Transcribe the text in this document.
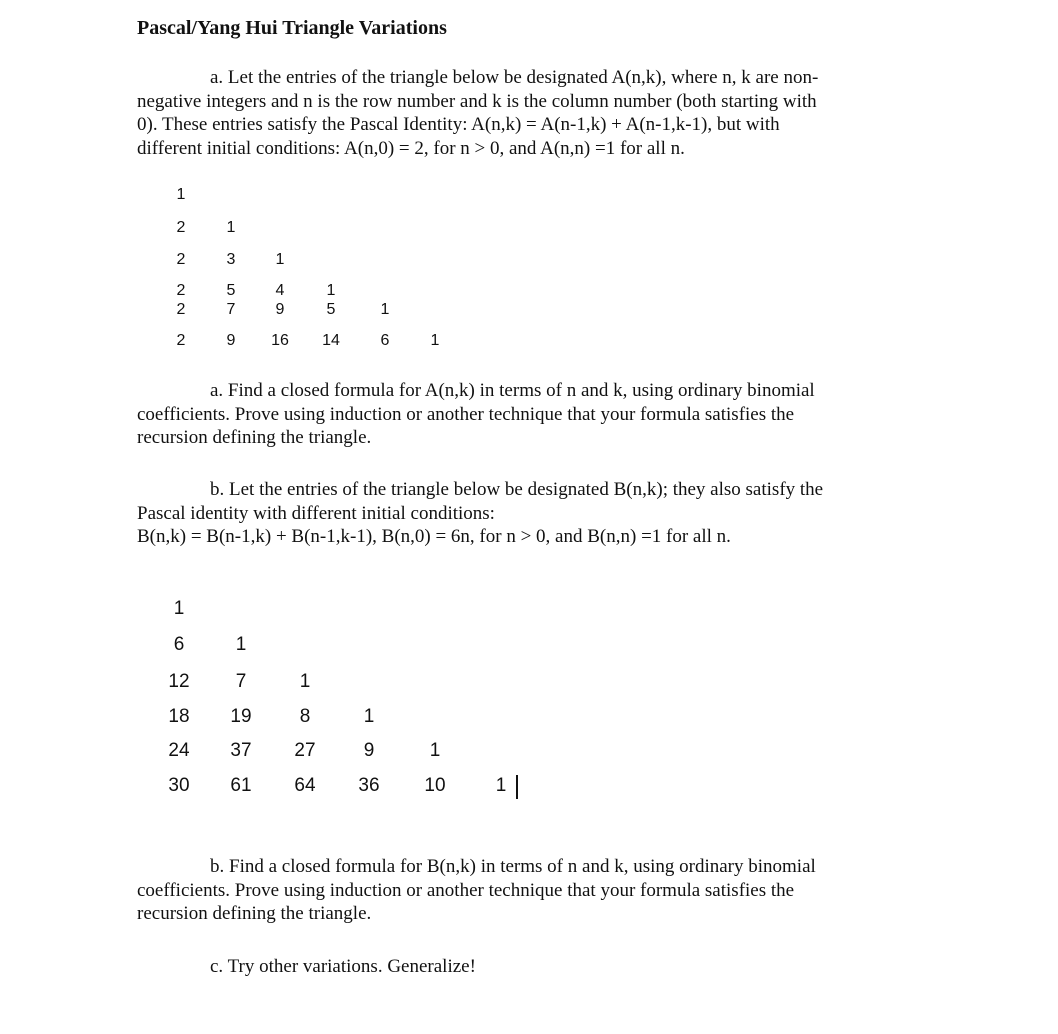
Pascal/Yang Hui Triangle Variations
a. Let the entries of the triangle below be designated A(n,k), where n, k are non-
negative integers and n is the row number and k is the column number (both starting with
0). These entries satisfy the Pascal Identity: A(n,k) = A(n-1,k) + A(n-1,k-1), but with
different initial conditions: A(n,0) = 2, for n > 0, and A(n,n) =1 for all n.
1
2	1
2	3	1
2	5	4	1
2	7	9	5	1
2	9 16 14	6	1
a. Find a closed formula for A(n,k) in terms of n and k, using ordinary binomial
coefficients. Prove using induction or another technique that your formula satisfies the
recursion defining the triangle.
b. Let the entries of the triangle below be designated B(n,k); they also satisfy the
Pascal identity with different initial conditions:
B(n,k) = B(n-1,k) + B(n-1,k-1), B(n,0) = 6n, for n > 0, and B(n,n) =1 for all n.
1
6	1
12 7	1
18 19	8	1
24 37 27	9	1
30 61 64 36 10	1
b. Find a closed formula for B(n,k) in terms of n and k, using ordinary binomial
coefficients. Prove using induction or another technique that your formula satisfies the
recursion defining the triangle.
c. Try other variations. Generalize!
